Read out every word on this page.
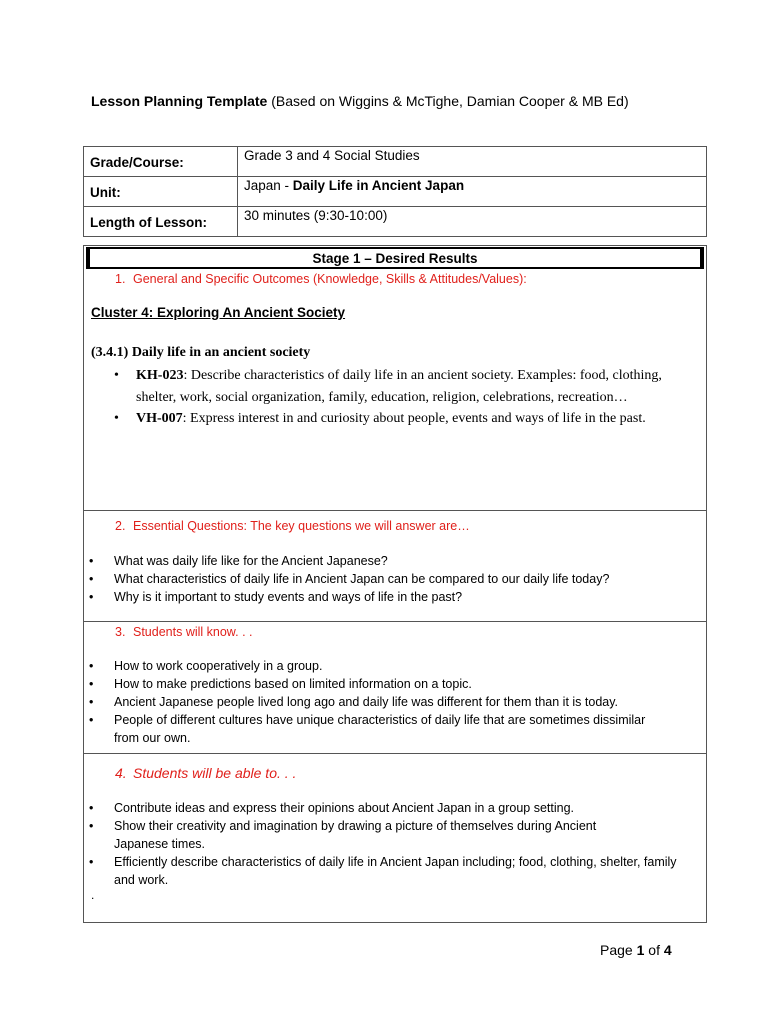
Lesson Planning Template (Based on Wiggins & McTighe, Damian Cooper & MB Ed)
Grade/Course:	Grade 3 and 4 Social Studies
Unit:	Japan - Daily Life in Ancient Japan
Length of Lesson:	30 minutes (9:30-10:00)
Stage 1 – Desired Results
1. General and Specific Outcomes (Knowledge, Skills & Attitudes/Values):
Cluster 4: Exploring An Ancient Society
(3.4.1) Daily life in an ancient society
• KH-023: Describe characteristics of daily life in an ancient society. Examples: food, clothing, shelter, work, social organization, family, education, religion, celebrations, recreation…
• VH-007: Express interest in and curiosity about people, events and ways of life in the past.
2. Essential Questions: The key questions we will answer are…
• What was daily life like for the Ancient Japanese?
• What characteristics of daily life in Ancient Japan can be compared to our daily life today?
• Why is it important to study events and ways of life in the past?
3. Students will know. . .
• How to work cooperatively in a group.
• How to make predictions based on limited information on a topic.
• Ancient Japanese people lived long ago and daily life was different for them than it is today.
• People of different cultures have unique characteristics of daily life that are sometimes dissimilar from our own.
4. Students will be able to. . .
• Contribute ideas and express their opinions about Ancient Japan in a group setting.
• Show their creativity and imagination by drawing a picture of themselves during Ancient Japanese times.
• Efficiently describe characteristics of daily life in Ancient Japan including; food, clothing, shelter, family and work.
.
Page 1 of 4
